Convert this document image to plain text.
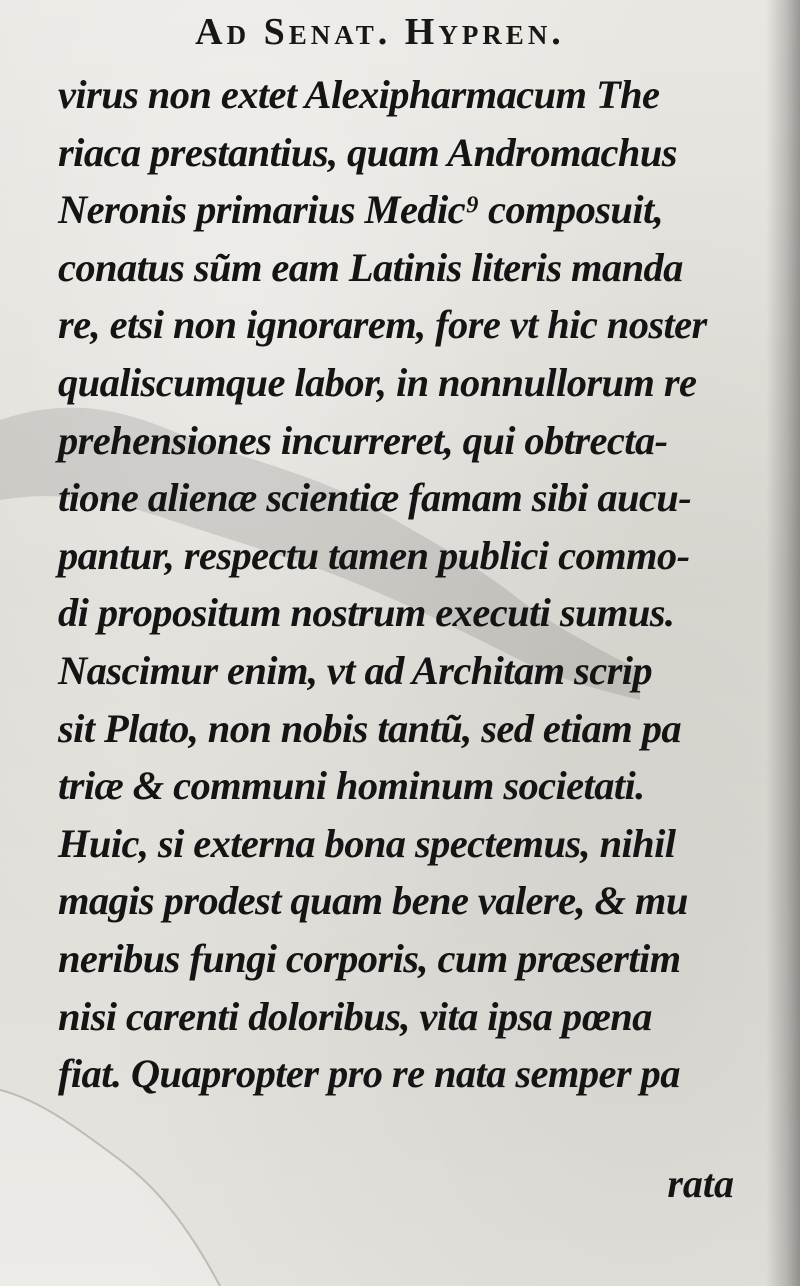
Ad Senat. Hypren.
virus non extet Alexipharmacum The
riaca prestantius, quam Andromachus
Neronis primarius Medic⁹ composuit,
conatus sũm eam Latinis literis manda
re, etsi non ignorarem, fore vt hic noster
qualiscumque labor, in nonnullorum re
prehensiones incurreret, qui obtrecta-
tione alienæ scientiæ famam sibi aucu-
pantur, respectu tamen publici commo-
di propositum nostrum executi sumus.
Nascimur enim, vt ad Architam scrip
sit Plato, non nobis tantũ, sed etiam pa
triæ & communi hominum societati.
Huic, si externa bona spectemus, nihil
magis prodest quam bene valere, & mu
neribus fungi corporis, cum præsertim
nisi carenti doloribus, vita ipsa pœna
fiat. Quapropter pro re nata semper pa
rata
